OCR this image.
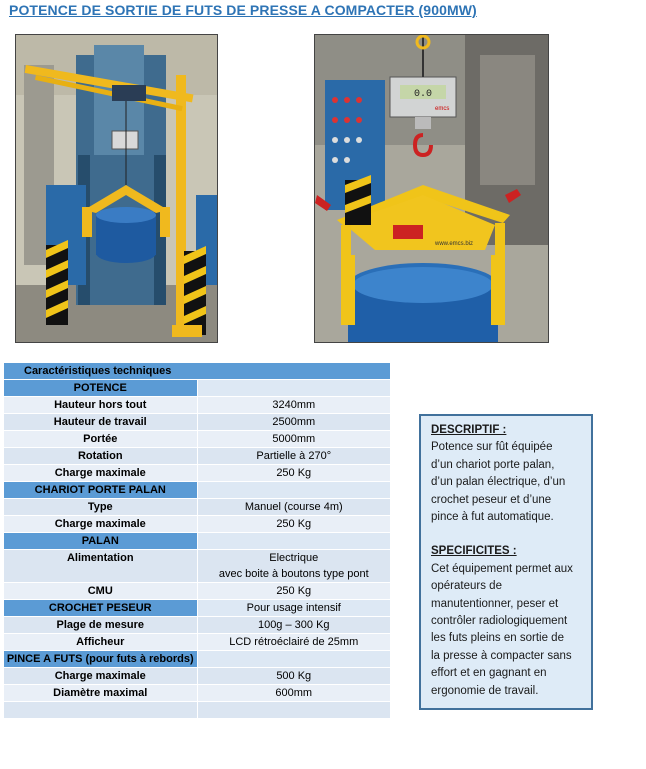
POTENCE DE SORTIE DE FUTS DE PRESSE A COMPACTER (900MW)
0.0
emcs
www.emcs.biz
Caractéristiques techniques	
POTENCE	
Hauteur hors tout	3240mm
Hauteur de travail	2500mm
Portée	5000mm
Rotation	Partielle à 270°
Charge maximale	250 Kg
CHARIOT PORTE PALAN	
Type	Manuel (course 4m)
Charge maximale	250 Kg
PALAN	
Alimentation	Electrique
avec boite à boutons type pont

CMU	250 Kg
CROCHET PESEUR	Pour usage intensif
Plage de mesure	100g – 300 Kg
Afficheur	LCD rétroéclairé de 25mm
PINCE A FUTS (pour futs à rebords)	
Charge maximale	500 Kg
Diamètre maximal	600mm

DESCRIPTIF :

Potence sur fût équipée

d’un chariot porte palan,

d’un palan électrique, d’un

crochet peseur et d’une

pince à fut automatique.

SPECIFICITES :

Cet équipement permet aux

opérateurs de

manutentionner, peser et

contrôler radiologiquement

les futs pleins en sortie de

la presse à compacter sans

effort et en gagnant en

ergonomie de travail.
